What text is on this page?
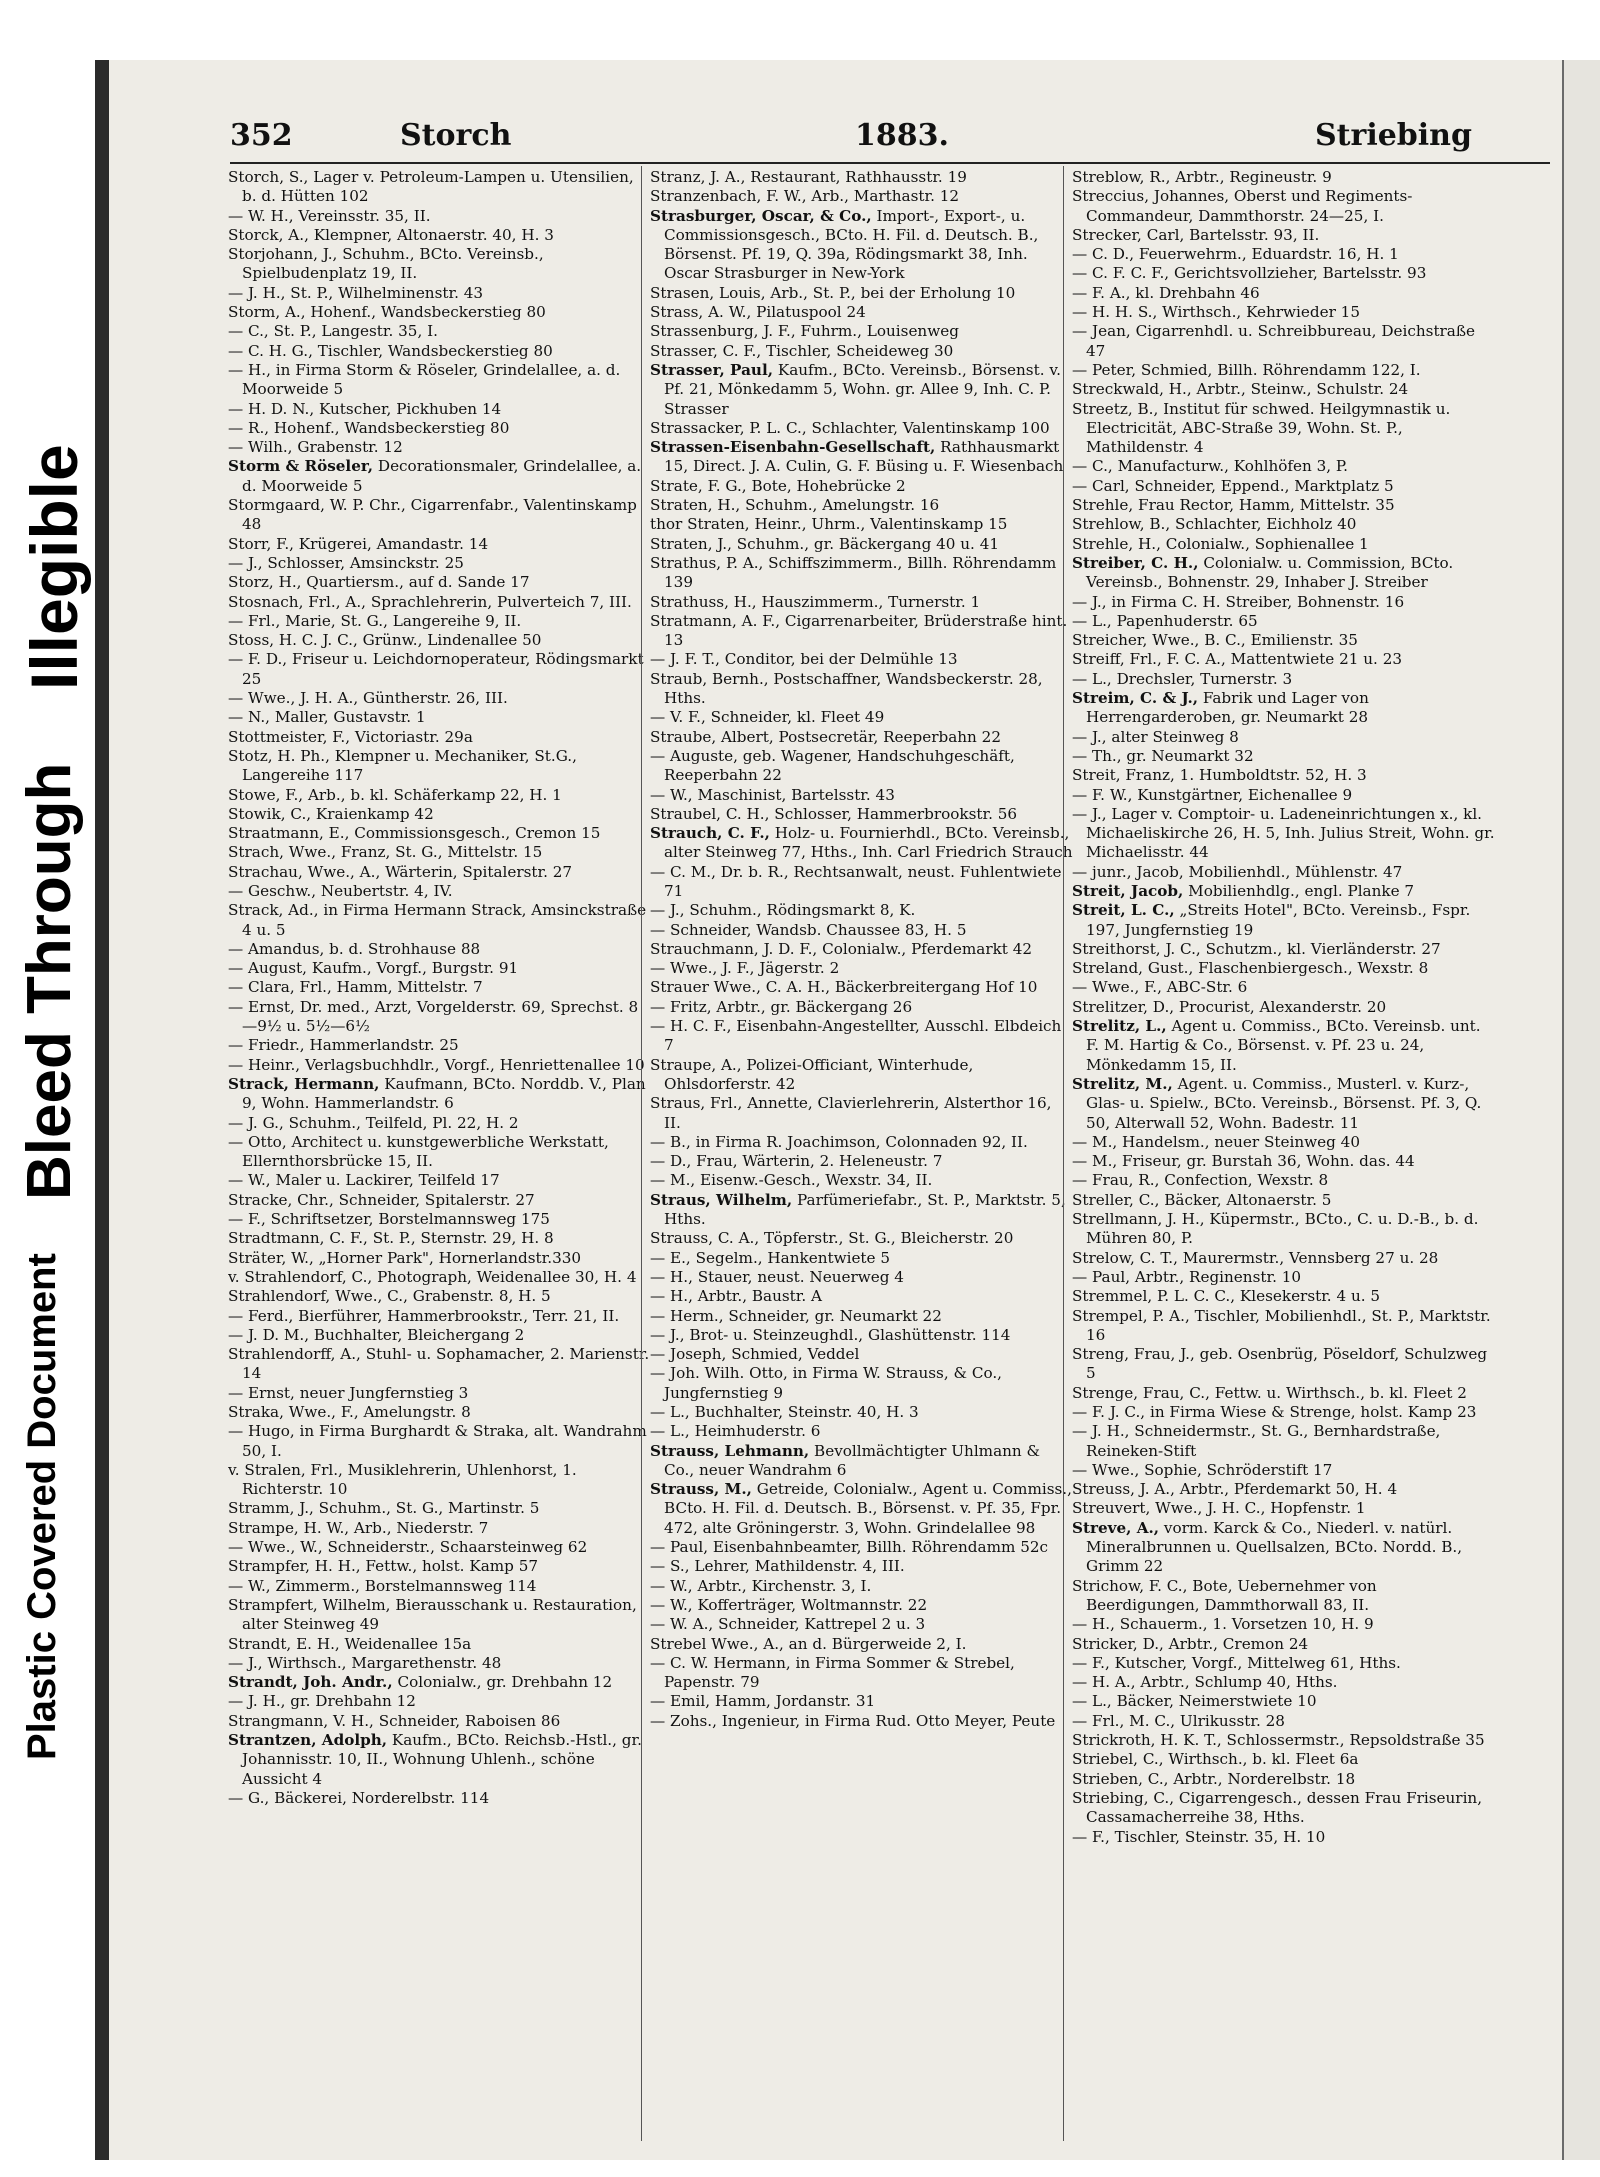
Plastic Covered Document
Bleed Through
Illegible
352	Storch	1883.	Striebing

Storch, S., Lager v. Petroleum-Lampen u. Utensilien, b. d. Hütten 102

— W. H., Vereinsstr. 35, II.

Storck, A., Klempner, Altonaerstr. 40, H. 3

Storjohann, J., Schuhm., BCto. Vereinsb., Spielbudenplatz 19, II.

— J. H., St. P., Wilhelminenstr. 43

Storm, A., Hohenf., Wandsbeckerstieg 80

— C., St. P., Langestr. 35, I.

— C. H. G., Tischler, Wandsbeckerstieg 80

— H., in Firma Storm & Röseler, Grindelallee, a. d. Moorweide 5

— H. D. N., Kutscher, Pickhuben 14

— R., Hohenf., Wandsbeckerstieg 80

— Wilh., Grabenstr. 12

Storm & Röseler, Decorationsmaler, Grindelallee, a. d. Moorweide 5

Stormgaard, W. P. Chr., Cigarrenfabr., Valentinskamp 48

Storr, F., Krügerei, Amandastr. 14

— J., Schlosser, Amsinckstr. 25

Storz, H., Quartiersm., auf d. Sande 17

Stosnach, Frl., A., Sprachlehrerin, Pulverteich 7, III.

— Frl., Marie, St. G., Langereihe 9, II.

Stoss, H. C. J. C., Grünw., Lindenallee 50

— F. D., Friseur u. Leichdornoperateur, Rödingsmarkt 25

— Wwe., J. H. A., Güntherstr. 26, III.

— N., Maller, Gustavstr. 1

Stottmeister, F., Victoriastr. 29a

Stotz, H. Ph., Klempner u. Mechaniker, St.G., Langereihe 117

Stowe, F., Arb., b. kl. Schäferkamp 22, H. 1

Stowik, C., Kraienkamp 42

Straatmann, E., Commissionsgesch., Cremon 15

Strach, Wwe., Franz, St. G., Mittelstr. 15

Strachau, Wwe., A., Wärterin, Spitalerstr. 27

— Geschw., Neubertstr. 4, IV.

Strack, Ad., in Firma Hermann Strack, Amsinckstraße 4 u. 5

— Amandus, b. d. Strohhause 88

— August, Kaufm., Vorgf., Burgstr. 91

— Clara, Frl., Hamm, Mittelstr. 7

— Ernst, Dr. med., Arzt, Vorgelderstr. 69, Sprechst. 8—9½ u. 5½—6½

— Friedr., Hammerlandstr. 25

— Heinr., Verlagsbuchhdlr., Vorgf., Henriettenallee 10

Strack, Hermann, Kaufmann, BCto. Norddb. V., Plan 9, Wohn. Hammerlandstr. 6

— J. G., Schuhm., Teilfeld, Pl. 22, H. 2

— Otto, Architect u. kunstgewerbliche Werkstatt, Ellernthorsbrücke 15, II.

— W., Maler u. Lackirer, Teilfeld 17

Stracke, Chr., Schneider, Spitalerstr. 27

— F., Schriftsetzer, Borstelmannsweg 175

Stradtmann, C. F., St. P., Sternstr. 29, H. 8

Sträter, W., „Horner Park", Hornerlandstr.330

v. Strahlendorf, C., Photograph, Weidenallee 30, H. 4

Strahlendorf, Wwe., C., Grabenstr. 8, H. 5

— Ferd., Bierführer, Hammerbrookstr., Terr. 21, II.

— J. D. M., Buchhalter, Bleichergang 2

Strahlendorff, A., Stuhl- u. Sophamacher, 2. Marienstr. 14

— Ernst, neuer Jungfernstieg 3

Straka, Wwe., F., Amelungstr. 8

— Hugo, in Firma Burghardt & Straka, alt. Wandrahm 50, I.

v. Stralen, Frl., Musiklehrerin, Uhlenhorst, 1. Richterstr. 10

Stramm, J., Schuhm., St. G., Martinstr. 5

Strampe, H. W., Arb., Niederstr. 7

— Wwe., W., Schneiderstr., Schaarsteinweg 62

Strampfer, H. H., Fettw., holst. Kamp 57

— W., Zimmerm., Borstelmannsweg 114

Strampfert, Wilhelm, Bierausschank u. Restauration, alter Steinweg 49

Strandt, E. H., Weidenallee 15a

— J., Wirthsch., Margarethenstr. 48

Strandt, Joh. Andr., Colonialw., gr. Drehbahn 12

— J. H., gr. Drehbahn 12

Strangmann, V. H., Schneider, Raboisen 86

Strantzen, Adolph, Kaufm., BCto. Reichsb.-Hstl., gr. Johannisstr. 10, II., Wohnung Uhlenh., schöne Aussicht 4

— G., Bäckerei, Norderelbstr. 114

Stranz, J. A., Restaurant, Rathhausstr. 19

Stranzenbach, F. W., Arb., Marthastr. 12

Strasburger, Oscar, & Co., Import-, Export-, u. Commissionsgesch., BCto. H. Fil. d. Deutsch. B., Börsenst. Pf. 19, Q. 39a, Rödingsmarkt 38, Inh. Oscar Strasburger in New-York

Strasen, Louis, Arb., St. P., bei der Erholung 10

Strass, A. W., Pilatuspool 24

Strassenburg, J. F., Fuhrm., Louisenweg

Strasser, C. F., Tischler, Scheideweg 30

Strasser, Paul, Kaufm., BCto. Vereinsb., Börsenst. v. Pf. 21, Mönkedamm 5, Wohn. gr. Allee 9, Inh. C. P. Strasser

Strassacker, P. L. C., Schlachter, Valentinskamp 100

Strassen-Eisenbahn-Gesellschaft, Rathhausmarkt 15, Direct. J. A. Culin, G. F. Büsing u. F. Wiesenbach

Strate, F. G., Bote, Hohebrücke 2

Straten, H., Schuhm., Amelungstr. 16

thor Straten, Heinr., Uhrm., Valentinskamp 15

Straten, J., Schuhm., gr. Bäckergang 40 u. 41

Strathus, P. A., Schiffszimmerm., Billh. Röhrendamm 139

Strathuss, H., Hauszimmerm., Turnerstr. 1

Stratmann, A. F., Cigarrenarbeiter, Brüderstraße hint. 13

— J. F. T., Conditor, bei der Delmühle 13

Straub, Bernh., Postschaffner, Wandsbeckerstr. 28, Hths.

— V. F., Schneider, kl. Fleet 49

Straube, Albert, Postsecretär, Reeperbahn 22

— Auguste, geb. Wagener, Handschuhgeschäft, Reeperbahn 22

— W., Maschinist, Bartelsstr. 43

Straubel, C. H., Schlosser, Hammerbrookstr. 56

Strauch, C. F., Holz- u. Fournierhdl., BCto. Vereinsb., alter Steinweg 77, Hths., Inh. Carl Friedrich Strauch

— C. M., Dr. b. R., Rechtsanwalt, neust. Fuhlentwiete 71

— J., Schuhm., Rödingsmarkt 8, K.

— Schneider, Wandsb. Chaussee 83, H. 5

Strauchmann, J. D. F., Colonialw., Pferdemarkt 42

— Wwe., J. F., Jägerstr. 2

Strauer Wwe., C. A. H., Bäckerbreitergang Hof 10

— Fritz, Arbtr., gr. Bäckergang 26

— H. C. F., Eisenbahn-Angestellter, Ausschl. Elbdeich 7

Straupe, A., Polizei-Officiant, Winterhude, Ohlsdorferstr. 42

Straus, Frl., Annette, Clavierlehrerin, Alsterthor 16, II.

— B., in Firma R. Joachimson, Colonnaden 92, II.

— D., Frau, Wärterin, 2. Heleneustr. 7

— M., Eisenw.-Gesch., Wexstr. 34, II.

Straus, Wilhelm, Parfümeriefabr., St. P., Marktstr. 5, Hths.

Strauss, C. A., Töpferstr., St. G., Bleicherstr. 20

— E., Segelm., Hankentwiete 5

— H., Stauer, neust. Neuerweg 4

— H., Arbtr., Baustr. A

— Herm., Schneider, gr. Neumarkt 22

— J., Brot- u. Steinzeughdl., Glashüttenstr. 114

— Joseph, Schmied, Veddel

— Joh. Wilh. Otto, in Firma W. Strauss, & Co., Jungfernstieg 9

— L., Buchhalter, Steinstr. 40, H. 3

— L., Heimhuderstr. 6

Strauss, Lehmann, Bevollmächtigter Uhlmann & Co., neuer Wandrahm 6

Strauss, M., Getreide, Colonialw., Agent u. Commiss., BCto. H. Fil. d. Deutsch. B., Börsenst. v. Pf. 35, Fpr. 472, alte Gröningerstr. 3, Wohn. Grindelallee 98

— Paul, Eisenbahnbeamter, Billh. Röhrendamm 52c

— S., Lehrer, Mathildenstr. 4, III.

— W., Arbtr., Kirchenstr. 3, I.

— W., Kofferträger, Woltmannstr. 22

— W. A., Schneider, Kattrepel 2 u. 3

Strebel Wwe., A., an d. Bürgerweide 2, I.

— C. W. Hermann, in Firma Sommer & Strebel, Papenstr. 79

— Emil, Hamm, Jordanstr. 31

— Zohs., Ingenieur, in Firma Rud. Otto Meyer, Peute

Streblow, R., Arbtr., Regineustr. 9

Streccius, Johannes, Oberst und Regiments-Commandeur, Dammthorstr. 24—25, I.

Strecker, Carl, Bartelsstr. 93, II.

— C. D., Feuerwehrm., Eduardstr. 16, H. 1

— C. F. C. F., Gerichtsvollzieher, Bartelsstr. 93

— F. A., kl. Drehbahn 46

— H. H. S., Wirthsch., Kehrwieder 15

— Jean, Cigarrenhdl. u. Schreibbureau, Deichstraße 47

— Peter, Schmied, Billh. Röhrendamm 122, I.

Streckwald, H., Arbtr., Steinw., Schulstr. 24

Streetz, B., Institut für schwed. Heilgymnastik u. Electricität, ABC-Straße 39, Wohn. St. P., Mathildenstr. 4

— C., Manufacturw., Kohlhöfen 3, P.

— Carl, Schneider, Eppend., Marktplatz 5

Strehle, Frau Rector, Hamm, Mittelstr. 35

Strehlow, B., Schlachter, Eichholz 40

Strehle, H., Colonialw., Sophienallee 1

Streiber, C. H., Colonialw. u. Commission, BCto. Vereinsb., Bohnenstr. 29, Inhaber J. Streiber

— J., in Firma C. H. Streiber, Bohnenstr. 16

— L., Papenhuderstr. 65

Streicher, Wwe., B. C., Emilienstr. 35

Streiff, Frl., F. C. A., Mattentwiete 21 u. 23

— L., Drechsler, Turnerstr. 3

Streim, C. & J., Fabrik und Lager von Herrengarderoben, gr. Neumarkt 28

— J., alter Steinweg 8

— Th., gr. Neumarkt 32

Streit, Franz, 1. Humboldtstr. 52, H. 3

— F. W., Kunstgärtner, Eichenallee 9

— J., Lager v. Comptoir- u. Ladeneinrichtungen x., kl. Michaeliskirche 26, H. 5, Inh. Julius Streit, Wohn. gr. Michaelisstr. 44

— junr., Jacob, Mobilienhdl., Mühlenstr. 47

Streit, Jacob, Mobilienhdlg., engl. Planke 7

Streit, L. C., „Streits Hotel", BCto. Vereinsb., Fspr. 197, Jungfernstieg 19

Streithorst, J. C., Schutzm., kl. Vierländerstr. 27

Streland, Gust., Flaschenbiergesch., Wexstr. 8

— Wwe., F., ABC-Str. 6

Strelitzer, D., Procurist, Alexanderstr. 20

Strelitz, L., Agent u. Commiss., BCto. Vereinsb. unt. F. M. Hartig & Co., Börsenst. v. Pf. 23 u. 24, Mönkedamm 15, II.

Strelitz, M., Agent. u. Commiss., Musterl. v. Kurz-, Glas- u. Spielw., BCto. Vereinsb., Börsenst. Pf. 3, Q. 50, Alterwall 52, Wohn. Badestr. 11

— M., Handelsm., neuer Steinweg 40

— M., Friseur, gr. Burstah 36, Wohn. das. 44

— Frau, R., Confection, Wexstr. 8

Streller, C., Bäcker, Altonaerstr. 5

Strellmann, J. H., Küpermstr., BCto., C. u. D.-B., b. d. Mühren 80, P.

Strelow, C. T., Maurermstr., Vennsberg 27 u. 28

— Paul, Arbtr., Reginenstr. 10

Stremmel, P. L. C. C., Klesekerstr. 4 u. 5

Strempel, P. A., Tischler, Mobilienhdl., St. P., Marktstr. 16

Streng, Frau, J., geb. Osenbrüg, Pöseldorf, Schulzweg 5

Strenge, Frau, C., Fettw. u. Wirthsch., b. kl. Fleet 2

— F. J. C., in Firma Wiese & Strenge, holst. Kamp 23

— J. H., Schneidermstr., St. G., Bernhardstraße, Reineken-Stift

— Wwe., Sophie, Schröderstift 17

Streuss, J. A., Arbtr., Pferdemarkt 50, H. 4

Streuvert, Wwe., J. H. C., Hopfenstr. 1

Streve, A., vorm. Karck & Co., Niederl. v. natürl. Mineralbrunnen u. Quellsalzen, BCto. Nordd. B., Grimm 22

Strichow, F. C., Bote, Uebernehmer von Beerdigungen, Dammthorwall 83, II.

— H., Schauerm., 1. Vorsetzen 10, H. 9

Stricker, D., Arbtr., Cremon 24

— F., Kutscher, Vorgf., Mittelweg 61, Hths.

— H. A., Arbtr., Schlump 40, Hths.

— L., Bäcker, Neimerstwiete 10

— Frl., M. C., Ulrikusstr. 28

Strickroth, H. K. T., Schlossermstr., Repsoldstraße 35

Striebel, C., Wirthsch., b. kl. Fleet 6a

Strieben, C., Arbtr., Norderelbstr. 18

Striebing, C., Cigarrengesch., dessen Frau Friseurin, Cassamacherreihe 38, Hths.

— F., Tischler, Steinstr. 35, H. 10
